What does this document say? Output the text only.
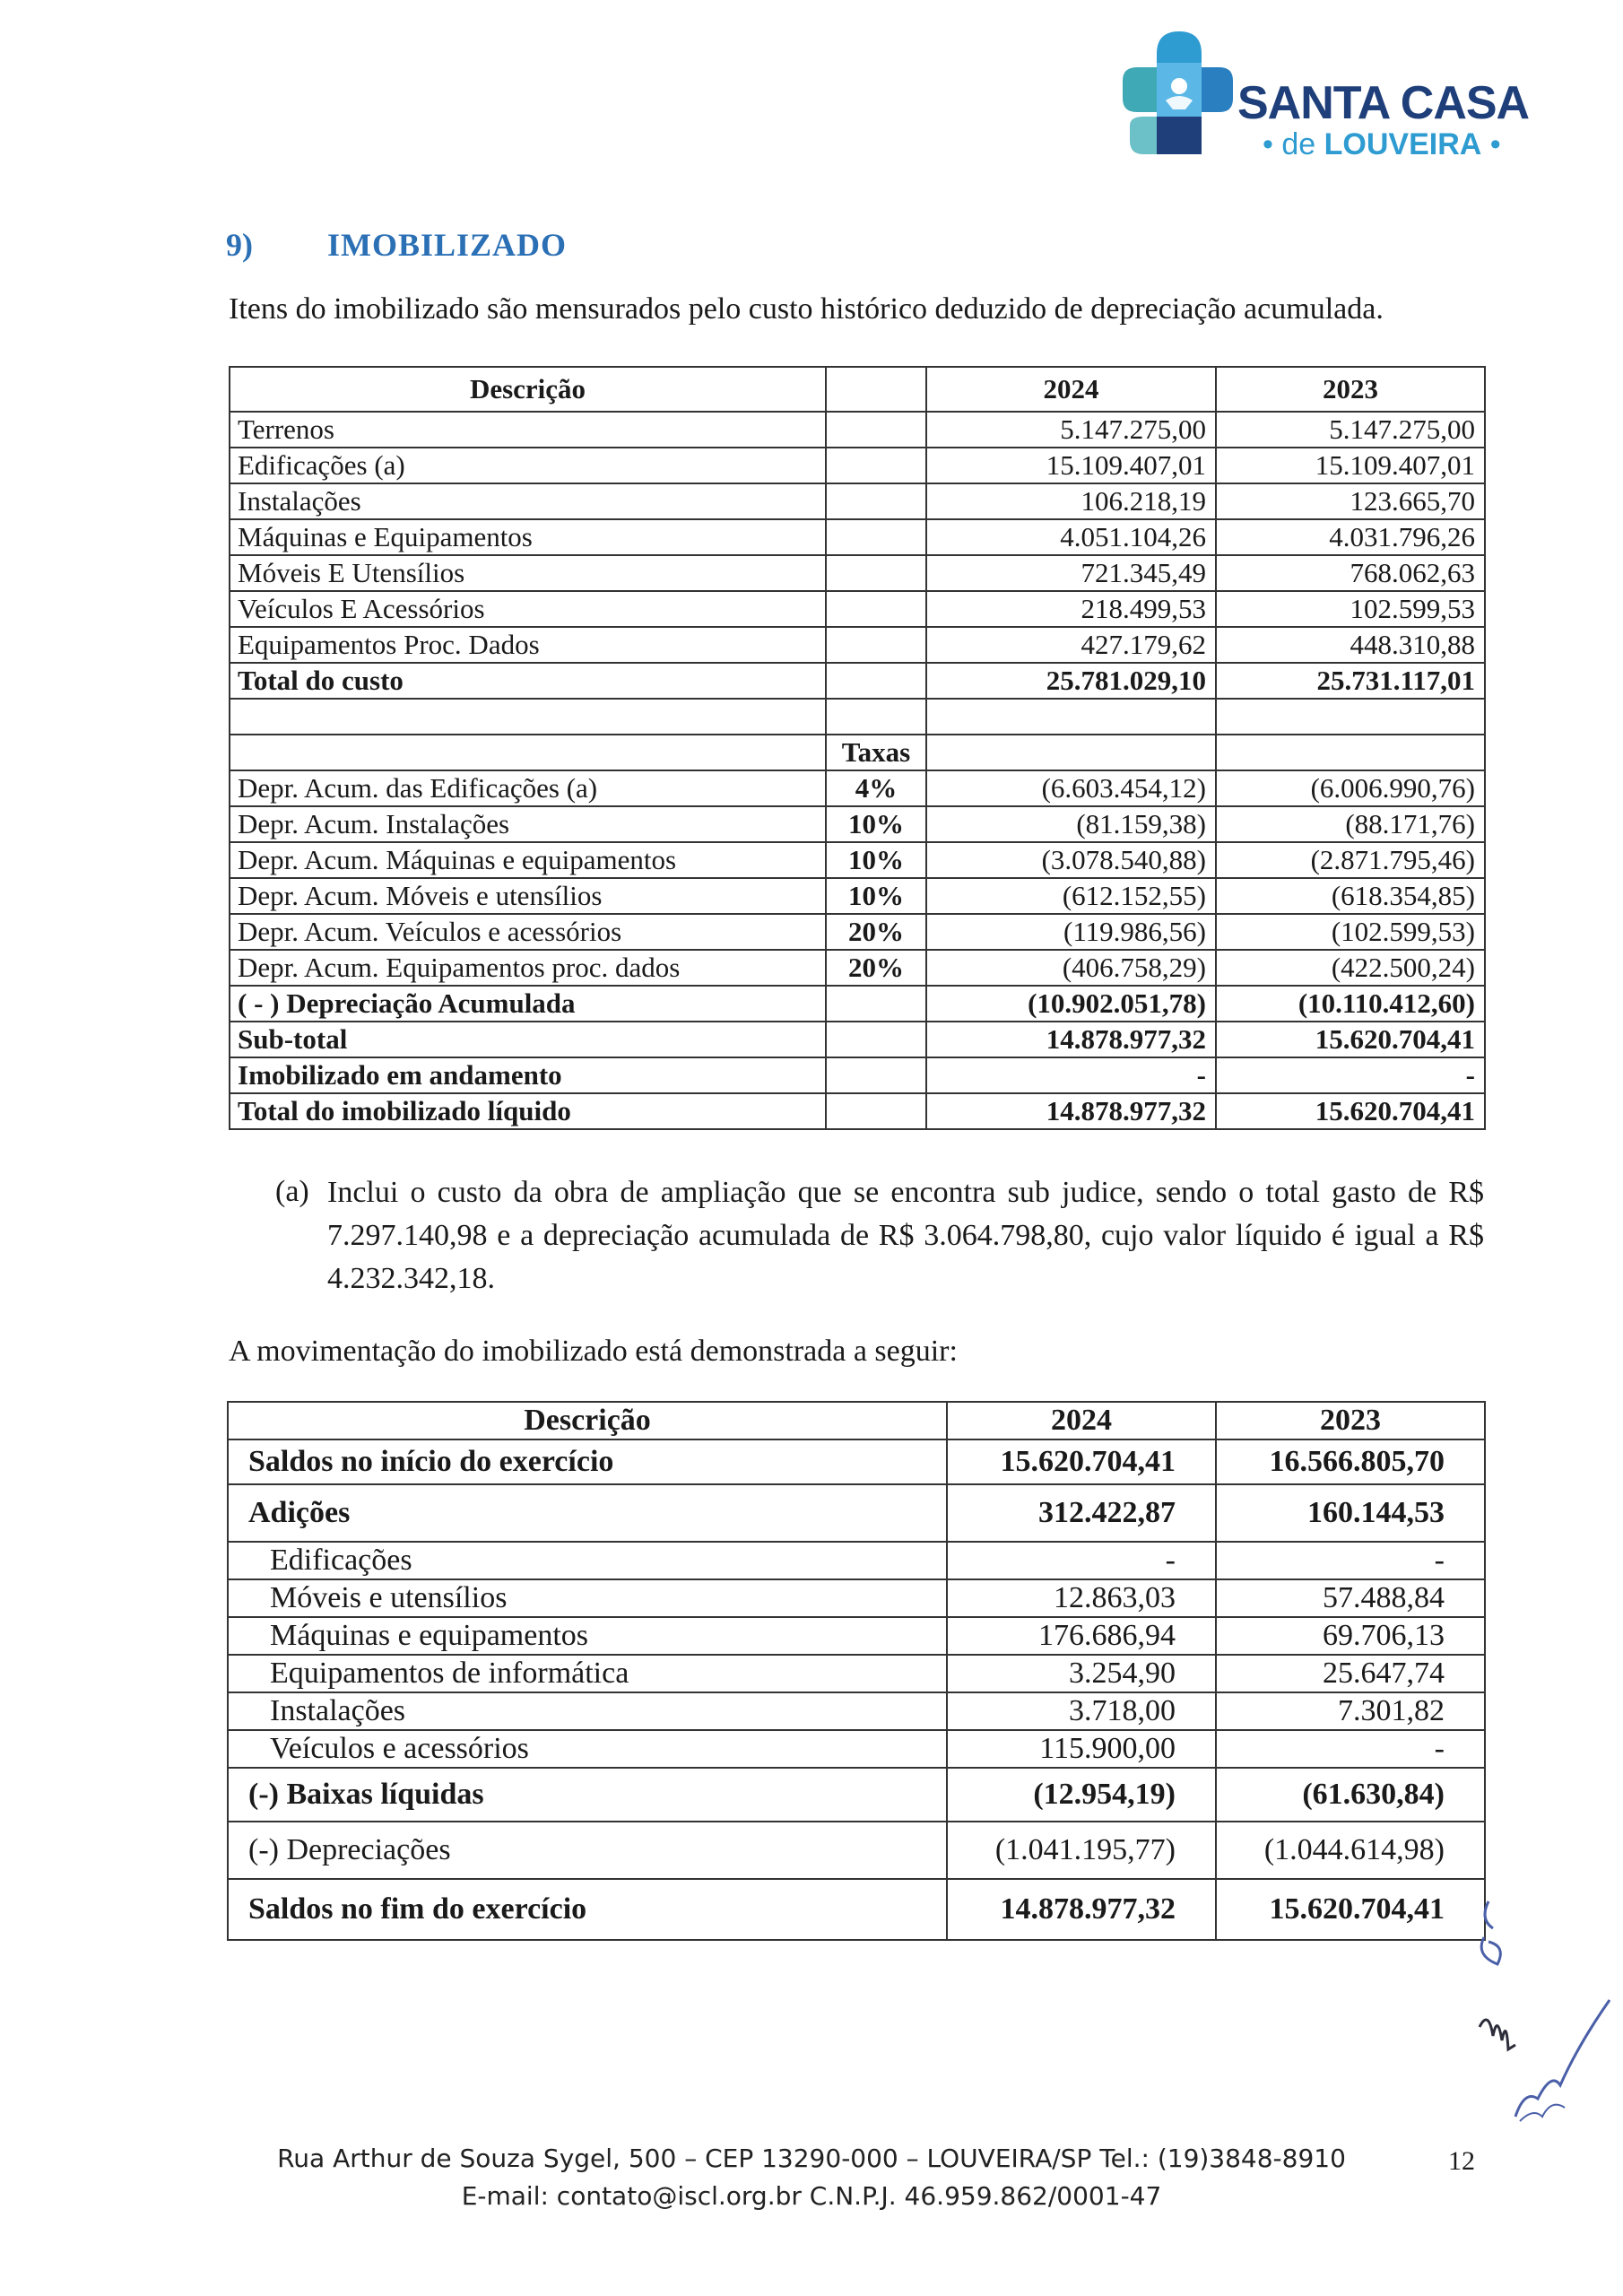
SANTA CASA
• de LOUVEIRA •
9) IMOBILIZADO
Itens do imobilizado são mensurados pelo custo histórico deduzido de depreciação acumulada.
Descrição		2024	2023
Terrenos		5.147.275,00	5.147.275,00
Edificações (a)		15.109.407,01	15.109.407,01
Instalações		106.218,19	123.665,70
Máquinas e Equipamentos		4.051.104,26	4.031.796,26
Móveis E Utensílios		721.345,49	768.062,63
Veículos E Acessórios		218.499,53	102.599,53
Equipamentos Proc. Dados		427.179,62	448.310,88
Total do custo		25.781.029,10	25.731.117,01

	Taxas		
Depr. Acum. das Edificações (a)	4%	(6.603.454,12)	(6.006.990,76)
Depr. Acum. Instalações	10%	(81.159,38)	(88.171,76)
Depr. Acum. Máquinas e equipamentos	10%	(3.078.540,88)	(2.871.795,46)
Depr. Acum. Móveis e utensílios	10%	(612.152,55)	(618.354,85)
Depr. Acum. Veículos e acessórios	20%	(119.986,56)	(102.599,53)
Depr. Acum. Equipamentos proc. dados	20%	(406.758,29)	(422.500,24)
( - ) Depreciação Acumulada		(10.902.051,78)	(10.110.412,60)
Sub-total		14.878.977,32	15.620.704,41
Imobilizado em andamento		-	-
Total do imobilizado líquido		14.878.977,32	15.620.704,41
(a) Inclui o custo da obra de ampliação que se encontra sub judice, sendo o total gasto de R$ 7.297.140,98 e a depreciação acumulada de R$ 3.064.798,80, cujo valor líquido é igual a R$ 4.232.342,18.
A movimentação do imobilizado está demonstrada a seguir:
Descrição	2024	2023
Saldos no início do exercício	15.620.704,41	16.566.805,70
Adições	312.422,87	160.144,53
Edificações	-	-
Móveis e utensílios	12.863,03	57.488,84
Máquinas e equipamentos	176.686,94	69.706,13
Equipamentos de informática	3.254,90	25.647,74
Instalações	3.718,00	7.301,82
Veículos e acessórios	115.900,00	-
(-) Baixas líquidas	(12.954,19)	(61.630,84)
(-) Depreciações	(1.041.195,77)	(1.044.614,98)
Saldos no fim do exercício	14.878.977,32	15.620.704,41
Rua Arthur de Souza Sygel, 500 – CEP 13290-000 – LOUVEIRA/SP Tel.: (19)3848-8910
E-mail: contato@iscl.org.br C.N.P.J. 46.959.862/0001-47
12
